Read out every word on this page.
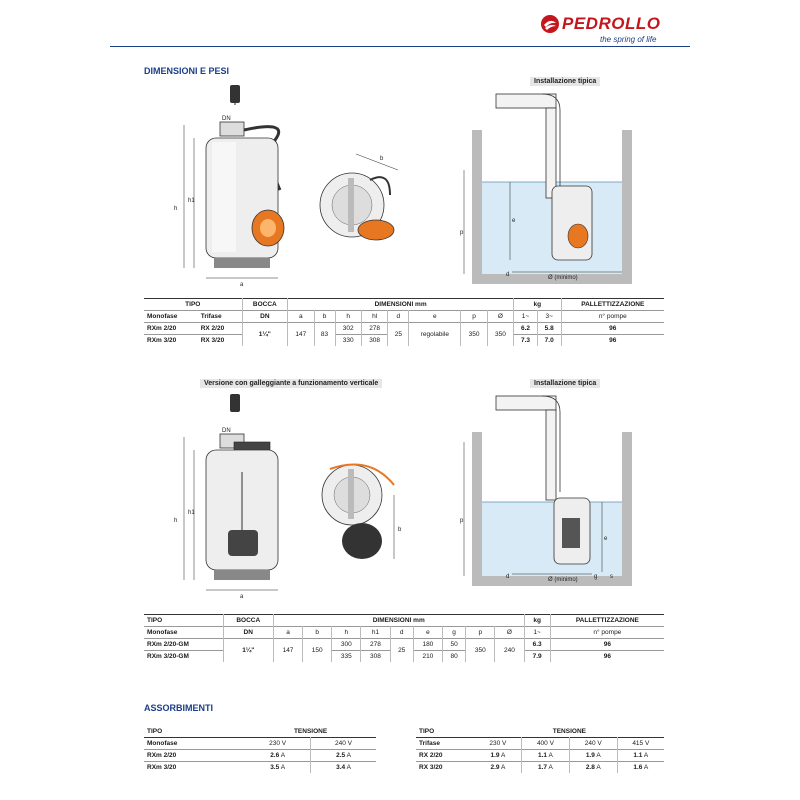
PEDROLLO
the spring of life
DIMENSIONI E PESI
Installazione tipica
h
h1
DN
a
b
p
e
d	Ø (minimo)
TIPO		BOCCA	DIMENSIONI mm								kg		PALLETTIZZAZIONE
Monofase	Trifase	DN	a	b	h	hl	d	e	p	Ø	1~	3~	n° pompe
RXm 2/20	RX 2/20	1¼"	147	83	302	278	25	regolabile	350	350	6.2	5.8	96
RXm 3/20	RX 3/20				330	308					7.3	7.0	96
Versione con galleggiante a funzionamento verticale	Installazione tipica
h
h1
DN
a
b
p
e
d	g s
Ø (minimo)
TIPO	BOCCA	DIMENSIONI mm									kg	PALLETTIZZAZIONE
Monofase	DN	a	b	h	h1	d	e	g	p	Ø	1~	n° pompe
RXm 2/20-GM	1¼"	147	150	300	278	25	180	50	350	240	6.3	96
RXm 3/20-GM				335	308		210	80			7.9	96
ASSORBIMENTI
TIPO	TENSIONE	
Monofase	230 V	240 V
RXm 2/20	2.6 A	2.5 A
RXm 3/20	3.5 A	3.4 A
TIPO	TENSIONE			
Trifase	230 V	400 V	240 V	415 V
RX 2/20	1.9 A	1.1 A	1.9 A	1.1 A
RX 3/20	2.9 A	1.7 A	2.8 A	1.6 A
